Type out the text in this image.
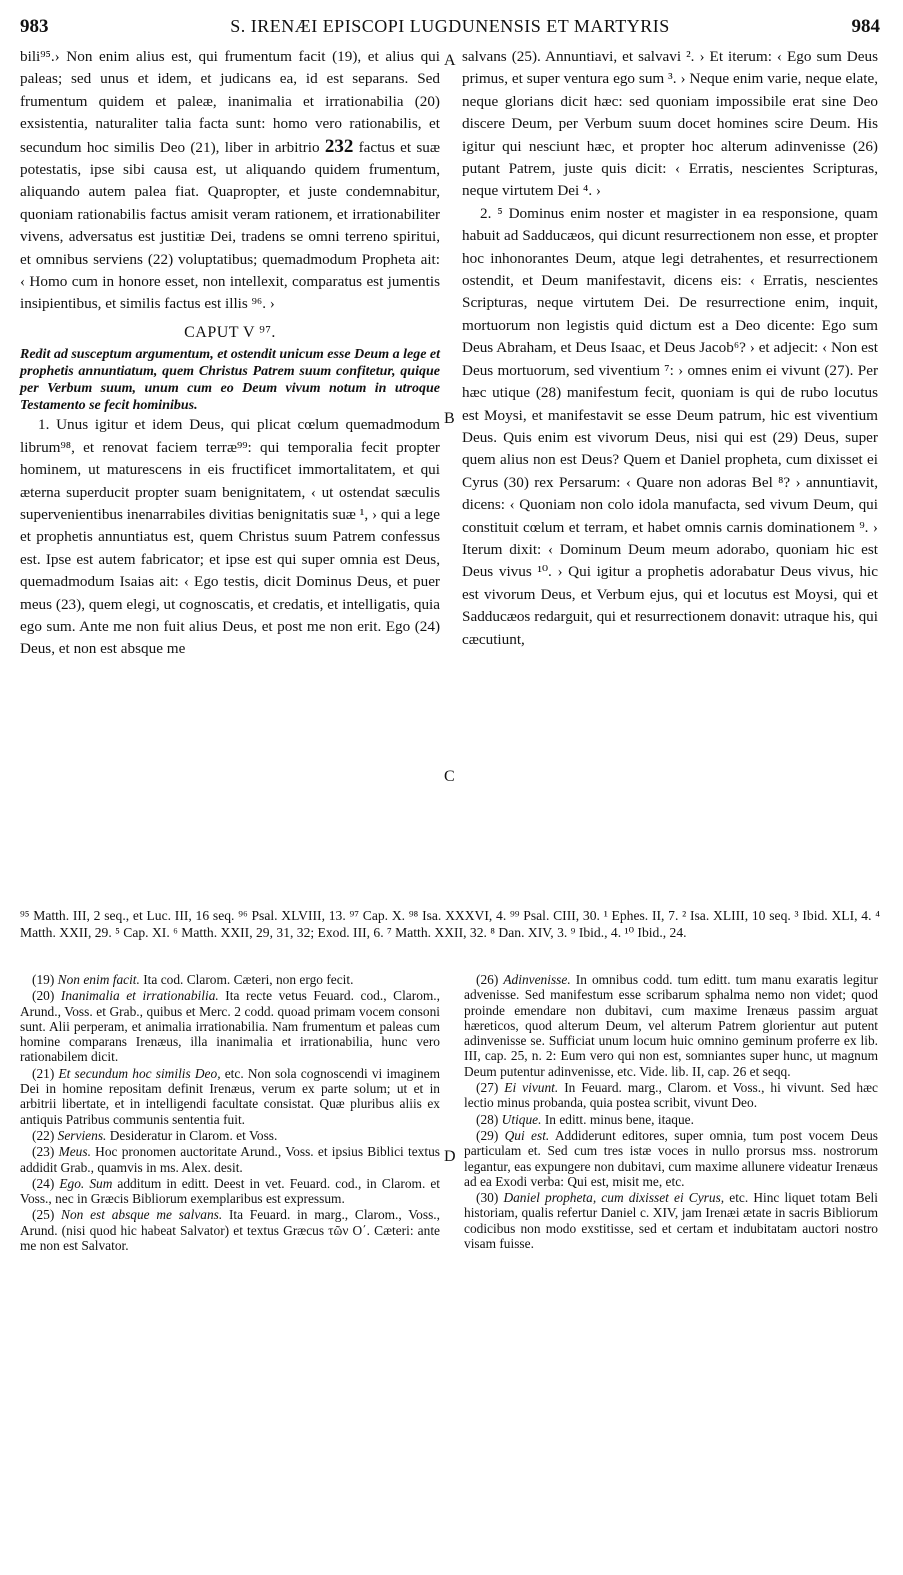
983	S. IRENÆI EPISCOPI LUGDUNENSIS ET MARTYRIS	984

bili⁹⁵.› Non enim alius est, qui frumentum facit (19), et alius qui paleas; sed unus et idem, et judicans ea, id est separans. Sed frumentum quidem et paleæ, inanimalia et irrationabilia (20) exsistentia, naturaliter talia facta sunt: homo vero rationabilis, et secundum hoc similis Deo (21), liber in arbitrio 232 factus et suæ potestatis, ipse sibi causa est, ut aliquando quidem frumentum, aliquando autem palea fiat. Quapropter, et juste condemnabitur, quoniam rationabilis factus amisit veram rationem, et irrationabiliter vivens, adversatus est justitiæ Dei, tradens se omni terreno spiritui, et omnibus serviens (22) voluptatibus; quemadmodum Propheta ait: ‹ Homo cum in honore esset, non intellexit, comparatus est jumentis insipientibus, et similis factus est illis ⁹⁶. ›

CAPUT V ⁹⁷.

Redit ad susceptum argumentum, et ostendit unicum esse Deum a lege et prophetis annuntiatum, quem Christus Patrem suum confitetur, quique per Verbum suum, unum cum eo Deum vivum notum in utroque Testamento se fecit hominibus.

1. Unus igitur et idem Deus, qui plicat cœlum quemadmodum librum⁹⁸, et renovat faciem terræ⁹⁹: qui temporalia fecit propter hominem, ut maturescens in eis fructificet immortalitatem, et qui æterna superducit propter suam benignitatem, ‹ ut ostendat sæculis supervenientibus inenarrabiles divitias benignitatis suæ ¹, › qui a lege et prophetis annuntiatus est, quem Christus suum Patrem confessus est. Ipse est autem fabricator; et ipse est qui super omnia est Deus, quemadmodum Isaias ait: ‹ Ego testis, dicit Dominus Deus, et puer meus (23), quem elegi, ut cognoscatis, et credatis, et intelligatis, quia ego sum. Ante me non fuit alius Deus, et post me non erit. Ego (24) Deus, et non est absque me

salvans (25). Annuntiavi, et salvavi ². › Et iterum: ‹ Ego sum Deus primus, et super ventura ego sum ³. › Neque enim varie, neque elate, neque glorians dicit hæc: sed quoniam impossibile erat sine Deo discere Deum, per Verbum suum docet homines scire Deum. His igitur qui nesciunt hæc, et propter hoc alterum adinvenisse (26) putant Patrem, juste quis dicit: ‹ Erratis, nescientes Scripturas, neque virtutem Dei ⁴. ›

2. ⁵ Dominus enim noster et magister in ea responsione, quam habuit ad Sadducæos, qui dicunt resurrectionem non esse, et propter hoc inhonorantes Deum, atque legi detrahentes, et resurrectionem ostendit, et Deum manifestavit, dicens eis: ‹ Erratis, nescientes Scripturas, neque virtutem Dei. De resurrectione enim, inquit, mortuorum non legistis quid dictum est a Deo dicente: Ego sum Deus Abraham, et Deus Isaac, et Deus Jacob⁶? › et adjecit: ‹ Non est Deus mortuorum, sed viventium ⁷: › omnes enim ei vivunt (27). Per hæc utique (28) manifestum fecit, quoniam is qui de rubo locutus est Moysi, et manifestavit se esse Deum patrum, hic est viventium Deus. Quis enim est vivorum Deus, nisi qui est (29) Deus, super quem alius non est Deus? Quem et Daniel propheta, cum dixisset ei Cyrus (30) rex Persarum: ‹ Quare non adoras Bel ⁸? › annuntiavit, dicens: ‹ Quoniam non colo idola manufacta, sed vivum Deum, qui constituit cœlum et terram, et habet omnis carnis dominationem ⁹. › Iterum dixit: ‹ Dominum Deum meum adorabo, quoniam hic est Deus vivus ¹⁰. › Qui igitur a prophetis adorabatur Deus vivus, hic est vivorum Deus, et Verbum ejus, qui et locutus est Moysi, qui et Sadducæos redarguit, qui et resurrectionem donavit: utraque his, qui cæcutiunt,

A
B
C
D
⁹⁵ Matth. III, 2 seq., et Luc. III, 16 seq. ⁹⁶ Psal. XLVIII, 13. ⁹⁷ Cap. X. ⁹⁸ Isa. XXXVI, 4. ⁹⁹ Psal. CIII, 30. ¹ Ephes. II, 7. ² Isa. XLIII, 10 seq. ³ Ibid. XLI, 4. ⁴ Matth. XXII, 29. ⁵ Cap. XI. ⁶ Matth. XXII, 29, 31, 32; Exod. III, 6. ⁷ Matth. XXII, 32. ⁸ Dan. XIV, 3. ⁹ Ibid., 4. ¹⁰ Ibid., 24.

(19) Non enim facit. Ita cod. Clarom. Cæteri, non ergo fecit.

(20) Inanimalia et irrationabilia. Ita recte vetus Feuard. cod., Clarom., Arund., Voss. et Grab., quibus et Merc. 2 codd. quoad primam vocem consoni sunt. Alii perperam, et animalia irrationabilia. Nam frumentum et paleas cum homine comparans Irenæus, illa inanimalia et irrationabilia, hunc vero rationabilem dicit.

(21) Et secundum hoc similis Deo, etc. Non sola cognoscendi vi imaginem Dei in homine repositam definit Irenæus, verum ex parte solum; ut et in arbitrii libertate, et in intelligendi facultate consistat. Quæ pluribus aliis ex antiquis Patribus communis sententia fuit.

(22) Serviens. Desideratur in Clarom. et Voss.

(23) Meus. Hoc pronomen auctoritate Arund., Voss. et ipsius Biblici textus addidit Grab., quamvis in ms. Alex. desit.

(24) Ego. Sum additum in editt. Deest in vet. Feuard. cod., in Clarom. et Voss., nec in Græcis Bibliorum exemplaribus est expressum.

(25) Non est absque me salvans. Ita Feuard. in marg., Clarom., Voss., Arund. (nisi quod hic habeat Salvator) et textus Græcus τῶν Ο΄. Cæteri: ante me non est Salvator.

(26) Adinvenisse. In omnibus codd. tum editt. tum manu exaratis legitur advenisse. Sed manifestum esse scribarum sphalma nemo non videt; quod proinde emendare non dubitavi, cum maxime Irenæus passim arguat hæreticos, quod alterum Deum, vel alterum Patrem glorientur aut putent adinvenisse se. Sufficiat unum locum huic omnino geminum proferre ex lib. III, cap. 25, n. 2: Eum vero qui non est, somniantes super hunc, ut magnum Deum putentur adinvenisse, etc. Vide. lib. II, cap. 26 et seqq.

(27) Ei vivunt. In Feuard. marg., Clarom. et Voss., hi vivunt. Sed hæc lectio minus probanda, quia postea scribit, vivunt Deo.

(28) Utique. In editt. minus bene, itaque.

(29) Qui est. Addiderunt editores, super omnia, tum post vocem Deus particulam et. Sed cum tres istæ voces in nullo prorsus mss. nostrorum legantur, eas expungere non dubitavi, cum maxime allunere videatur Irenæus ad ea Exodi verba: Qui est, misit me, etc.

(30) Daniel propheta, cum dixisset ei Cyrus, etc. Hinc liquet totam Beli historiam, qualis refertur Daniel c. XIV, jam Irenæi ætate in sacris Bibliorum codicibus non modo exstitisse, sed et certam et indubitatam auctori nostro visam fuisse.
